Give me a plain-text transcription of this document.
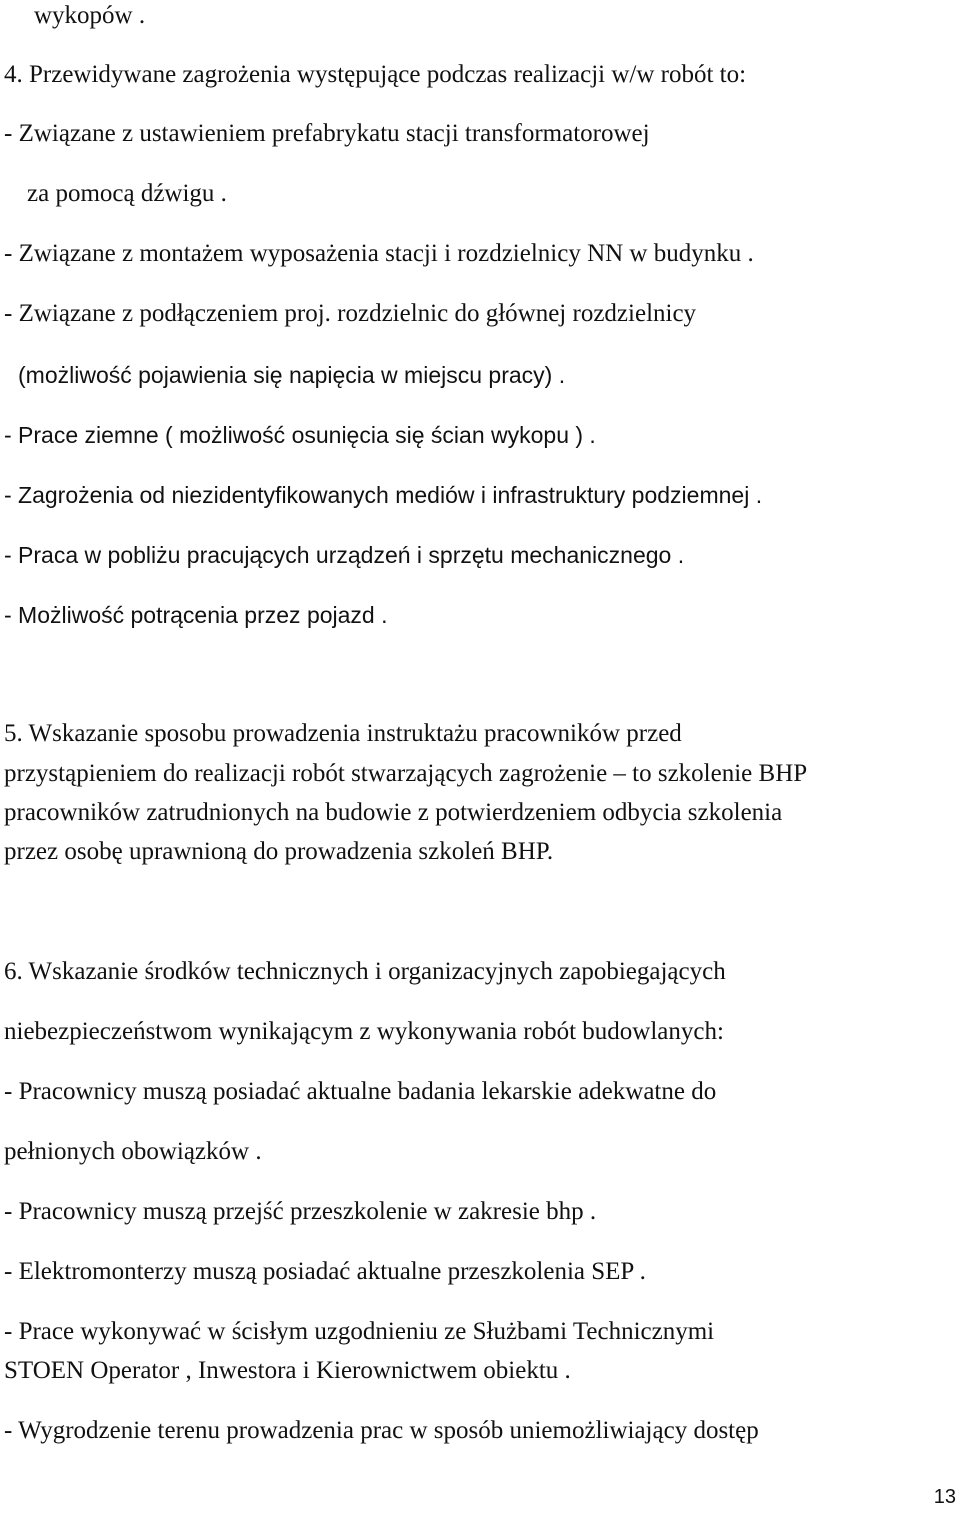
wykopów .
4. Przewidywane zagrożenia występujące podczas realizacji w/w robót to:
- Związane z ustawieniem prefabrykatu stacji transformatorowej
za pomocą dźwigu .
- Związane z montażem wyposażenia stacji i rozdzielnicy NN w budynku .
- Związane z podłączeniem proj. rozdzielnic do głównej rozdzielnicy
(możliwość pojawienia się napięcia w miejscu pracy) .
- Prace ziemne ( możliwość osunięcia się ścian wykopu ) .
- Zagrożenia od niezidentyfikowanych mediów i infrastruktury podziemnej .
- Praca w pobliżu pracujących urządzeń i sprzętu mechanicznego .
- Możliwość potrącenia przez pojazd .
5. Wskazanie sposobu prowadzenia instruktażu pracowników przed
przystąpieniem do realizacji robót stwarzających zagrożenie – to szkolenie BHP
pracowników zatrudnionych na budowie z potwierdzeniem odbycia szkolenia
przez osobę uprawnioną do prowadzenia szkoleń BHP.
6. Wskazanie środków technicznych i organizacyjnych zapobiegających
niebezpieczeństwom wynikającym z wykonywania robót budowlanych:
- Pracownicy muszą posiadać aktualne badania lekarskie adekwatne do
pełnionych obowiązków .
- Pracownicy muszą przejść przeszkolenie w zakresie bhp .
- Elektromonterzy muszą posiadać aktualne przeszkolenia SEP .
- Prace wykonywać w ścisłym uzgodnieniu ze Służbami Technicznymi
STOEN Operator , Inwestora i Kierownictwem obiektu .
- Wygrodzenie terenu prowadzenia prac w sposób uniemożliwiający dostęp
13
